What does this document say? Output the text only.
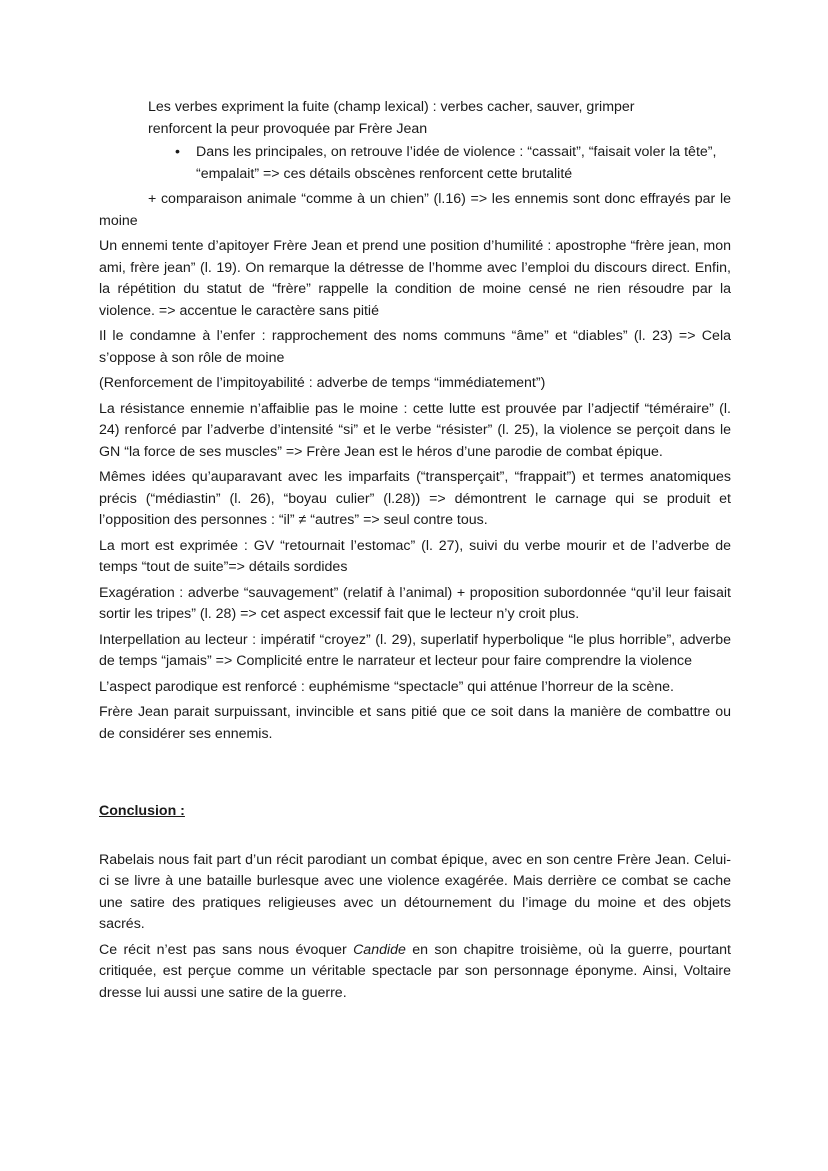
Les verbes expriment la fuite (champ lexical) : verbes cacher, sauver, grimper
renforcent la peur provoquée par Frère Jean
•	Dans les principales, on retrouve l’idée de violence : “cassait”, “faisait voler la tête”, “empalait” => ces détails obscènes renforcent cette brutalité

+ comparaison animale “comme à un chien” (l.16) => les ennemis sont donc effrayés par le moine

Un ennemi tente d’apitoyer Frère Jean et prend une position d’humilité : apostrophe “frère jean, mon ami, frère jean” (l. 19). On remarque la détresse de l’homme avec l’emploi du discours direct. Enfin, la répétition du statut de “frère” rappelle la condition de moine censé ne rien résoudre par la violence. => accentue le caractère sans pitié

Il le condamne à l’enfer : rapprochement des noms communs “âme” et “diables” (l. 23) => Cela s’oppose à son rôle de moine

(Renforcement de l’impitoyabilité : adverbe de temps “immédiatement”)

La résistance ennemie n’affaiblie pas le moine : cette lutte est prouvée par l’adjectif “téméraire” (l. 24) renforcé par l’adverbe d’intensité “si” et le verbe “résister” (l. 25), la violence se perçoit dans le GN “la force de ses muscles” => Frère Jean est le héros d’une parodie de combat épique.

Mêmes idées qu’auparavant avec les imparfaits (“transperçait”, “frappait”) et termes anatomiques précis (“médiastin” (l. 26), “boyau culier” (l.28)) => démontrent le carnage qui se produit et l’opposition des personnes : “il” ≠ “autres” => seul contre tous.

La mort est exprimée : GV “retournait l’estomac” (l. 27), suivi du verbe mourir et de l’adverbe de temps “tout de suite”=> détails sordides

Exagération : adverbe “sauvagement” (relatif à l’animal) + proposition subordonnée “qu’il leur faisait sortir les tripes” (l. 28) => cet aspect excessif fait que le lecteur n’y croit plus.

Interpellation au lecteur : impératif “croyez” (l. 29), superlatif hyperbolique “le plus horrible”, adverbe de temps “jamais” => Complicité entre le narrateur et lecteur pour faire comprendre la violence

L’aspect parodique est renforcé : euphémisme “spectacle” qui atténue l’horreur de la scène.

Frère Jean parait surpuissant, invincible et sans pitié que ce soit dans la manière de combattre ou de considérer ses ennemis.

Conclusion :

Rabelais nous fait part d’un récit parodiant un combat épique, avec en son centre Frère Jean. Celui-ci se livre à une bataille burlesque avec une violence exagérée. Mais derrière ce combat se cache une satire des pratiques religieuses avec un détournement du l’image du moine et des objets sacrés.

Ce récit n’est pas sans nous évoquer Candide en son chapitre troisième, où la guerre, pourtant critiquée, est perçue comme un véritable spectacle par son personnage éponyme. Ainsi, Voltaire dresse lui aussi une satire de la guerre.
